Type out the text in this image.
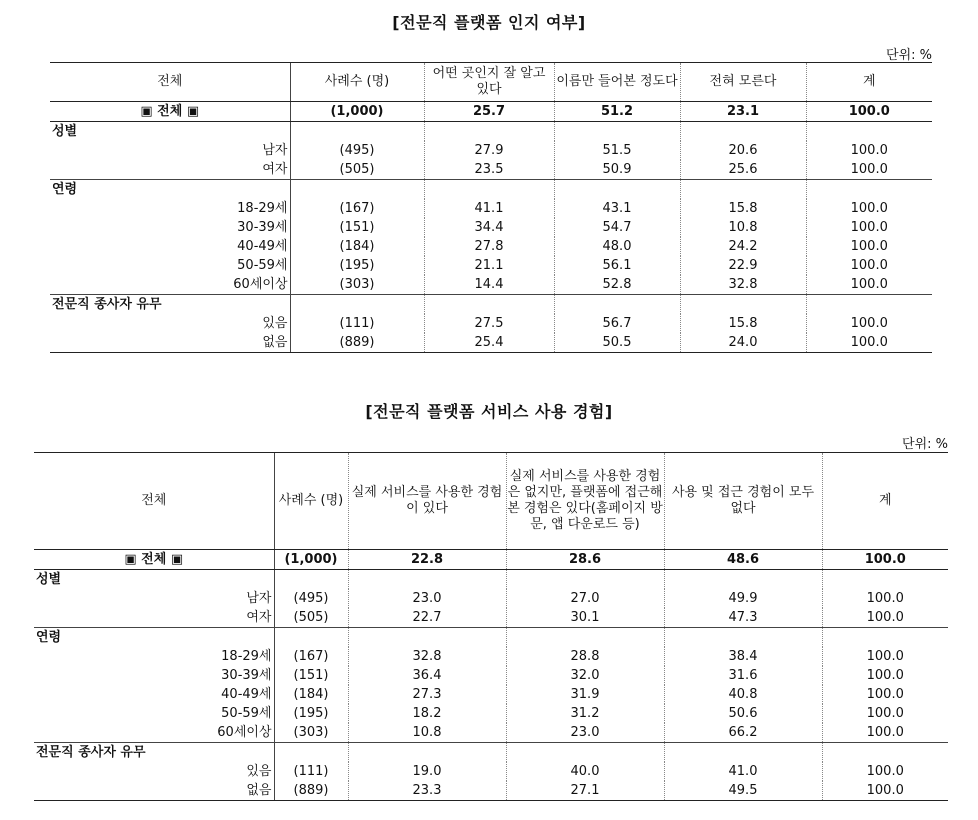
[전문직 플랫폼 인지 여부]
단위: %
전체	사례수 (명)	어떤 곳인지 잘 알고 있다	이름만 들어본 정도다	전혀 모른다	계
▣ 전체 ▣	(1,000)	25.7	51.2	23.1	100.0
성별					
남자	(495)	27.9	51.5	20.6	100.0
여자	(505)	23.5	50.9	25.6	100.0
연령					
18-29세	(167)	41.1	43.1	15.8	100.0
30-39세	(151)	34.4	54.7	10.8	100.0
40-49세	(184)	27.8	48.0	24.2	100.0
50-59세	(195)	21.1	56.1	22.9	100.0
60세이상	(303)	14.4	52.8	32.8	100.0
전문직 종사자 유무					
있음	(111)	27.5	56.7	15.8	100.0
없음	(889)	25.4	50.5	24.0	100.0
[전문직 플랫폼 서비스 사용 경험]
단위: %
전체	사례수 (명)	실제 서비스를 사용한 경험이 있다	실제 서비스를 사용한 경험은 없지만, 플랫폼에 접근해 본 경험은 있다(홈페이지 방문, 앱 다운로드 등)	사용 및 접근 경험이 모두 없다	계
▣ 전체 ▣	(1,000)	22.8	28.6	48.6	100.0
성별					
남자	(495)	23.0	27.0	49.9	100.0
여자	(505)	22.7	30.1	47.3	100.0
연령					
18-29세	(167)	32.8	28.8	38.4	100.0
30-39세	(151)	36.4	32.0	31.6	100.0
40-49세	(184)	27.3	31.9	40.8	100.0
50-59세	(195)	18.2	31.2	50.6	100.0
60세이상	(303)	10.8	23.0	66.2	100.0
전문직 종사자 유무					
있음	(111)	19.0	40.0	41.0	100.0
없음	(889)	23.3	27.1	49.5	100.0
